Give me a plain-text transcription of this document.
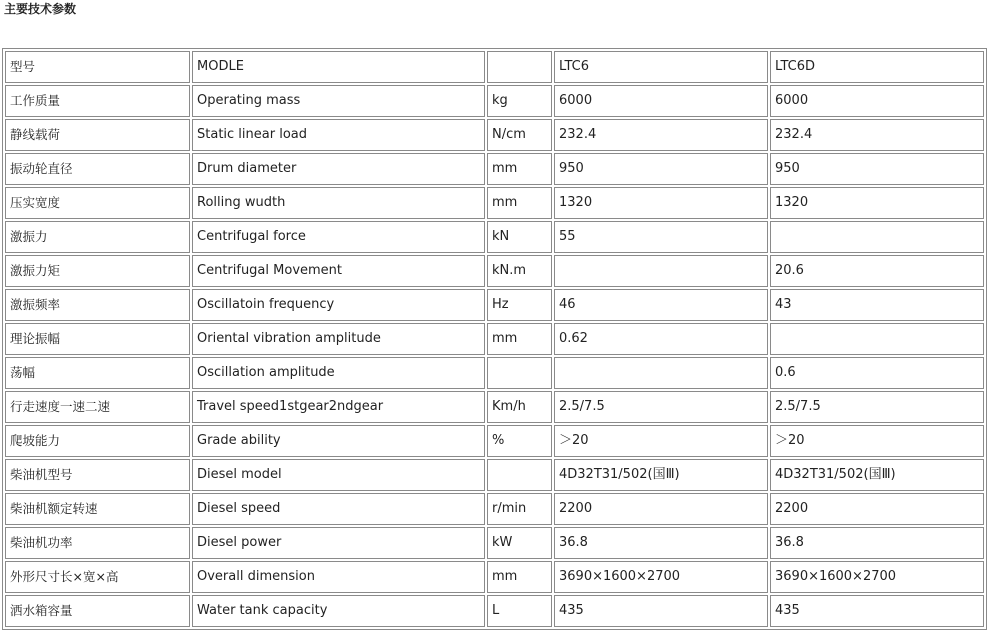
主要技术参数
型号	MODLE		LTC6	LTC6D
工作质量	Operating mass	kg	6000	6000
静线载荷	Static linear load	N/cm	232.4	232.4
振动轮直径	Drum diameter	mm	950	950
压实宽度	Rolling wudth	mm	1320	1320
激振力	Centrifugal force	kN	55	
激振力矩	Centrifugal Movement	kN.m		20.6
激振频率	Oscillatoin frequency	Hz	46	43
理论振幅	Oriental vibration amplitude	mm	0.62	
荡幅	Oscillation amplitude			0.6
行走速度一速二速	Travel speed1stgear2ndgear	Km/h	2.5/7.5	2.5/7.5
爬坡能力	Grade ability	%	＞20	＞20
柴油机型号	Diesel model		4D32T31/502(国Ⅲ)	4D32T31/502(国Ⅲ)
柴油机额定转速	Diesel speed	r/min	2200	2200
柴油机功率	Diesel power	kW	36.8	36.8
外形尺寸长×宽×高	Overall dimension	mm	3690×1600×2700	3690×1600×2700
洒水箱容量	Water tank capacity	L	435	435
